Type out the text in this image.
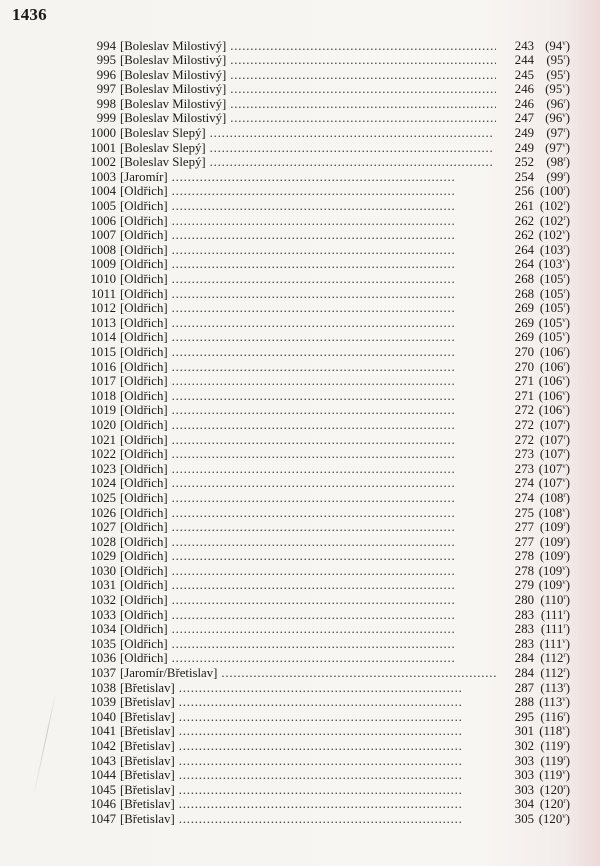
1436
994 [Boleslav Milostivý] . . .	243 (94$^v$)
995 [Boleslav Milostivý] . . .	244 (95$^r$)
996 [Boleslav Milostivý] . . .	245 (95$^r$)
997 [Boleslav Milostivý] . . .	246 (95$^v$)
998 [Boleslav Milostivý] . . .	246 (96$^r$)
999 [Boleslav Milostivý] . . .	247 (96$^v$)
1000 [Boleslav Slepý] . . .	249 (97$^r$)
1001 [Boleslav Slepý] . . .	249 (97$^v$)
1002 [Boleslav Slepý] . . .	252 (98$^r$)
1003 [Jaromír] . . .	254 (99$^r$)
1004 [Oldřich] . . .	256 (100$^r$)
1005 [Oldřich] . . .	261 (102$^r$)
1006 [Oldřich] . . .	262 (102$^r$)
1007 [Oldřich] . . .	262 (102$^v$)
1008 [Oldřich] . . .	264 (103$^r$)
1009 [Oldřich] . . .	264 (103$^v$)
1010 [Oldřich] . . .	268 (105$^r$)
1011 [Oldřich] . . .	268 (105$^r$)
1012 [Oldřich] . . .	269 (105$^r$)
1013 [Oldřich] . . .	269 (105$^v$)
1014 [Oldřich] . . .	269 (105$^v$)
1015 [Oldřich] . . .	270 (106$^r$)
1016 [Oldřich] . . .	270 (106$^r$)
1017 [Oldřich] . . .	271 (106$^v$)
1018 [Oldřich] . . .	271 (106$^v$)
1019 [Oldřich] . . .	272 (106$^v$)
1020 [Oldřich] . . .	272 (107$^r$)
1021 [Oldřich] . . .	272 (107$^r$)
1022 [Oldřich] . . .	273 (107$^r$)
1023 [Oldřich] . . .	273 (107$^v$)
1024 [Oldřich] . . .	274 (107$^v$)
1025 [Oldřich] . . .	274 (108$^r$)
1026 [Oldřich] . . .	275 (108$^v$)
1027 [Oldřich] . . .	277 (109$^r$)
1028 [Oldřich] . . .	277 (109$^r$)
1029 [Oldřich] . . .	278 (109$^r$)
1030 [Oldřich] . . .	278 (109$^v$)
1031 [Oldřich] . . .	279 (109$^v$)
1032 [Oldřich] . . .	280 (110$^r$)
1033 [Oldřich] . . .	283 (111$^r$)
1034 [Oldřich] . . .	283 (111$^r$)
1035 [Oldřich] . . .	283 (111$^v$)
1036 [Oldřich] . . .	284 (112$^r$)
1037 [Jaromír/Břetislav] . . .	284 (112$^r$)
1038 [Břetislav] . . .	287 (113$^r$)
1039 [Břetislav] . . .	288 (113$^v$)
1040 [Břetislav] . . .	295 (116$^r$)
1041 [Břetislav] . . .	301 (118$^v$)
1042 [Břetislav] . . .	302 (119$^r$)
1043 [Břetislav] . . .	303 (119$^r$)
1044 [Břetislav] . . .	303 (119$^v$)
1045 [Břetislav] . . .	303 (120$^r$)
1046 [Břetislav] . . .	304 (120$^r$)
1047 [Břetislav] . . .	305 (120$^v$)
